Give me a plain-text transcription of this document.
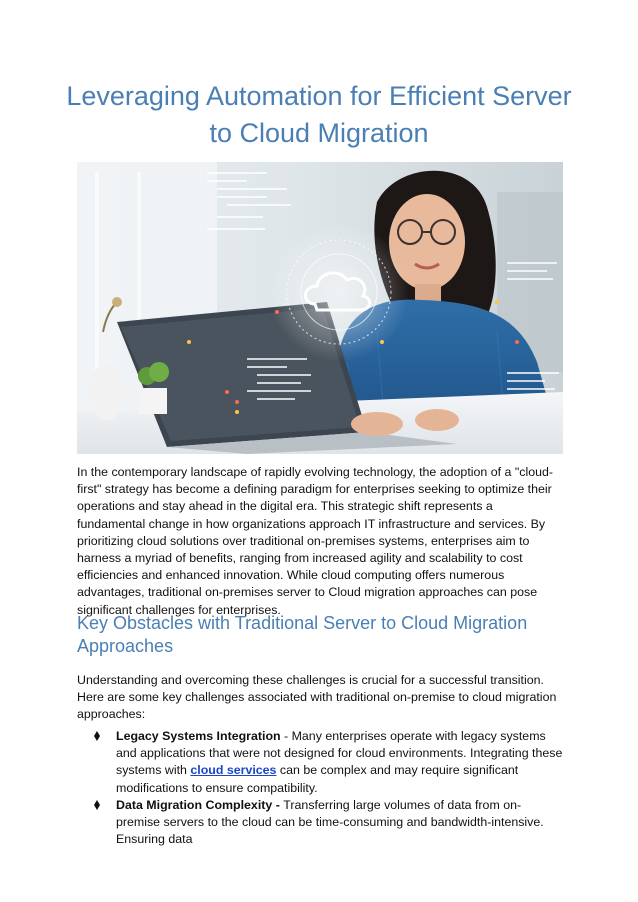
Leveraging Automation for Efficient Server to Cloud Migration

In the contemporary landscape of rapidly evolving technology, the adoption of a "cloud-first" strategy has become a defining paradigm for enterprises seeking to optimize their operations and stay ahead in the digital era. This strategic shift represents a fundamental change in how organizations approach IT infrastructure and services. By prioritizing cloud solutions over traditional on-premises systems, enterprises aim to harness a myriad of benefits, ranging from increased agility and scalability to cost efficiencies and enhanced innovation. While cloud computing offers numerous advantages, traditional on-premises server to Cloud migration approaches can pose significant challenges for enterprises.

Key Obstacles with Traditional Server to Cloud Migration Approaches

Understanding and overcoming these challenges is crucial for a successful transition. Here are some key challenges associated with traditional on-premise to cloud migration approaches:

Legacy Systems Integration - Many enterprises operate with legacy systems and applications that were not designed for cloud environments. Integrating these systems with cloud services can be complex and may require significant modifications to ensure compatibility.
Data Migration Complexity - Transferring large volumes of data from on-premise servers to the cloud can be time-consuming and bandwidth-intensive. Ensuring data
